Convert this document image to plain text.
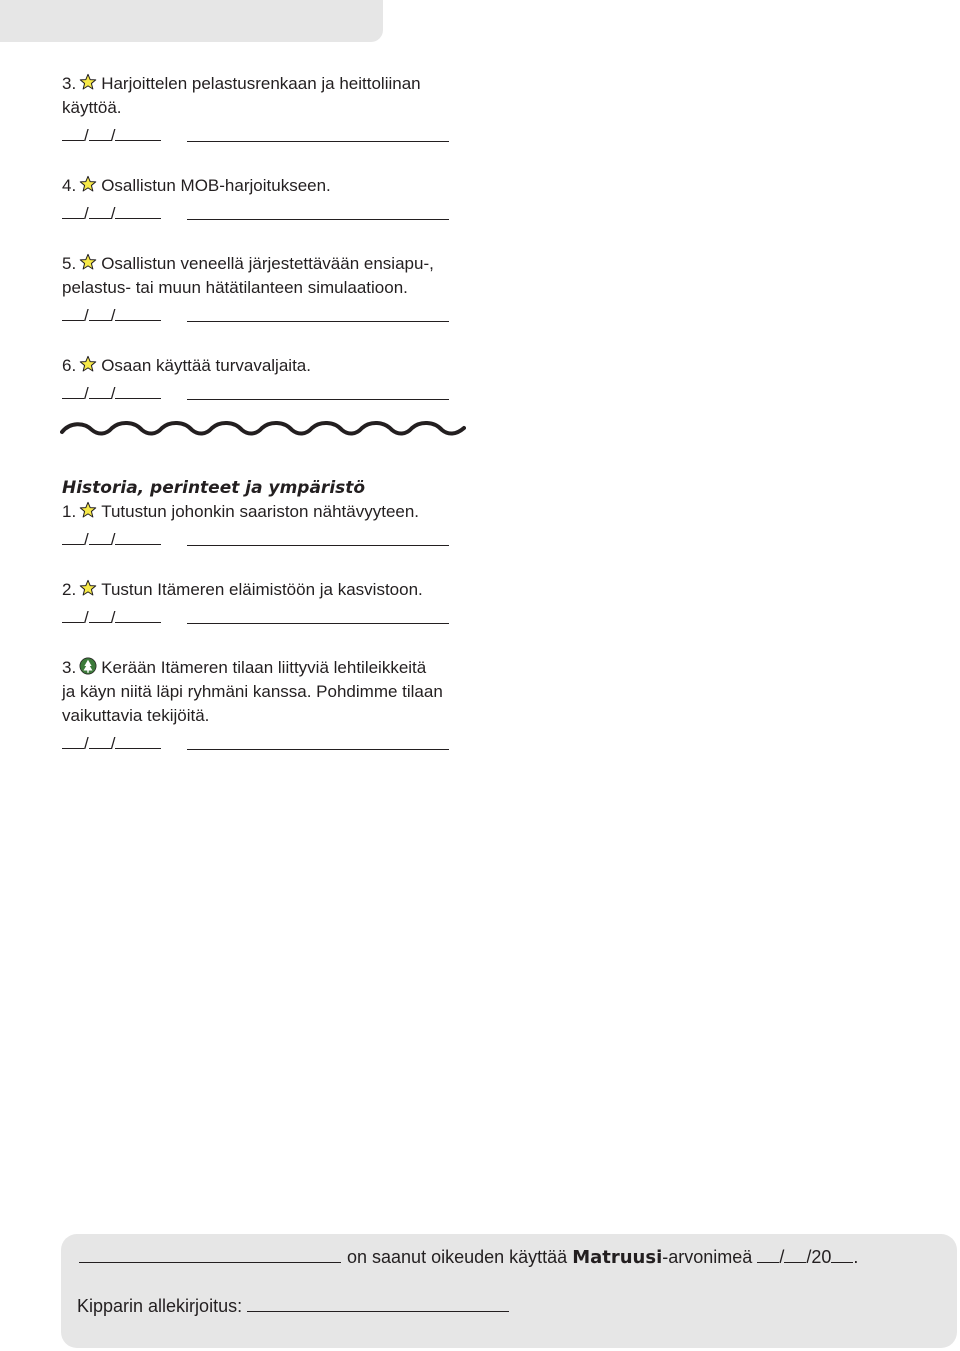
3. Harjoittelen pelastusrenkaan ja heittoliinan
käyttöä.

/ /

4. Osallistun MOB-harjoitukseen.

/ /

5. Osallistun veneellä järjestettävään ensiapu-,
pelastus- tai muun hätätilanteen simulaatioon.

/ /

6. Osaan käyttää turvavaljaita.

/ /

Historia, perinteet ja ympäristö

1. Tutustun johonkin saariston nähtävyyteen.

/ /

2. Tustun Itämeren eläimistöön ja kasvistoon.

/ /

3. Kerään Itämeren tilaan liittyviä lehtileikkeitä
ja käyn niitä läpi ryhmäni kanssa. Pohdimme tilaan
vaikuttavia tekijöitä.

/ /
on saanut oikeuden käyttää Matruusi-arvonimeä / /20 .
Kipparin allekirjoitus:
